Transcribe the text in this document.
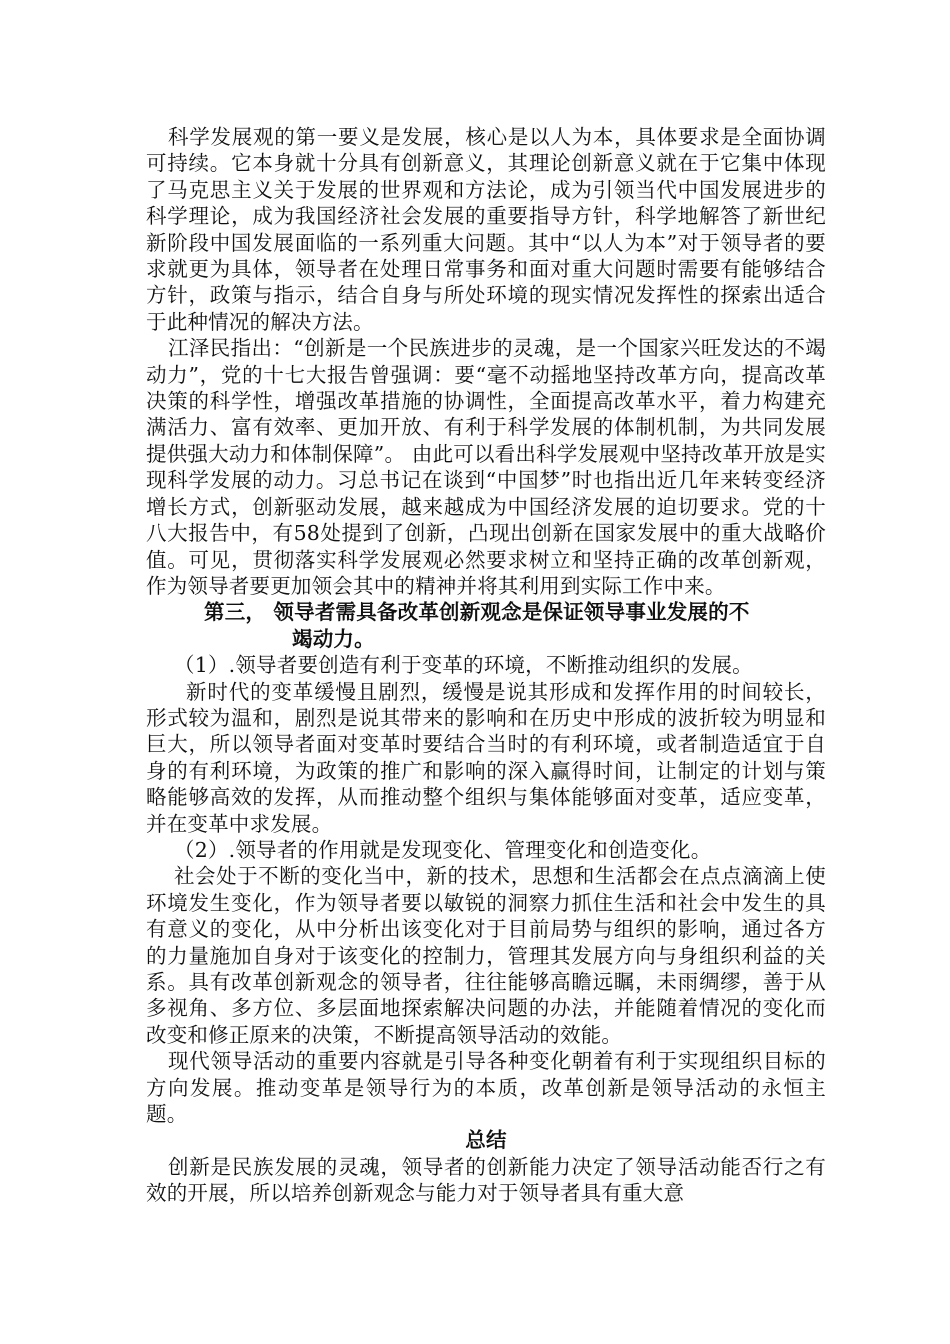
科学发展观的第一要义是发展，核心是以人为本，具体要求是全面协调可持续。它本身就十分具有创新意义，其理论创新意义就在于它集中体现了马克思主义关于发展的世界观和方法论，成为引领当代中国发展进步的科学理论，成为我国经济社会发展的重要指导方针，科学地解答了新世纪新阶段中国发展面临的一系列重大问题。其中“以人为本”对于领导者的要求就更为具体，领导者在处理日常事务和面对重大问题时需要有能够结合方针，政策与指示，结合自身与所处环境的现实情况发挥性的探索出适合于此种情况的解决方法。

江泽民指出：“创新是一个民族进步的灵魂，是一个国家兴旺发达的不竭动力”，党的十七大报告曾强调：要“毫不动摇地坚持改革方向，提高改革决策的科学性，增强改革措施的协调性，全面提高改革水平，着力构建充满活力、富有效率、更加开放、有利于科学发展的体制机制，为共同发展提供强大动力和体制保障”。 由此可以看出科学发展观中坚持改革开放是实现科学发展的动力。习总书记在谈到“中国梦”时也指出近几年来转变经济增长方式，创新驱动发展，越来越成为中国经济发展的迫切要求。党的十八大报告中，有58处提到了创新，凸现出创新在国家发展中的重大战略价值。可见，贯彻落实科学发展观必然要求树立和坚持正确的改革创新观，作为领导者要更加领会其中的精神并将其利用到实际工作中来。

第三， 领导者需具备改革创新观念是保证领导事业发展的不
竭动力。

（1）.领导者要创造有利于变革的环境，不断推动组织的发展。

新时代的变革缓慢且剧烈，缓慢是说其形成和发挥作用的时间较长，形式较为温和，剧烈是说其带来的影响和在历史中形成的波折较为明显和巨大，所以领导者面对变革时要结合当时的有利环境，或者制造适宜于自身的有利环境，为政策的推广和影响的深入赢得时间，让制定的计划与策略能够高效的发挥，从而推动整个组织与集体能够面对变革，适应变革，并在变革中求发展。

（2）.领导者的作用就是发现变化、管理变化和创造变化。

社会处于不断的变化当中，新的技术，思想和生活都会在点点滴滴上使环境发生变化，作为领导者要以敏锐的洞察力抓住生活和社会中发生的具有意义的变化，从中分析出该变化对于目前局势与组织的影响，通过各方的力量施加自身对于该变化的控制力，管理其发展方向与身组织利益的关系。具有改革创新观念的领导者，往往能够高瞻远瞩，未雨绸缪，善于从多视角、多方位、多层面地探索解决问题的办法，并能随着情况的变化而改变和修正原来的决策，不断提高领导活动的效能。

现代领导活动的重要内容就是引导各种变化朝着有利于实现组织目标的方向发展。推动变革是领导行为的本质，改革创新是领导活动的永恒主题。

总结

创新是民族发展的灵魂，领导者的创新能力决定了领导活动能否行之有效的开展，所以培养创新观念与能力对于领导者具有重大意
